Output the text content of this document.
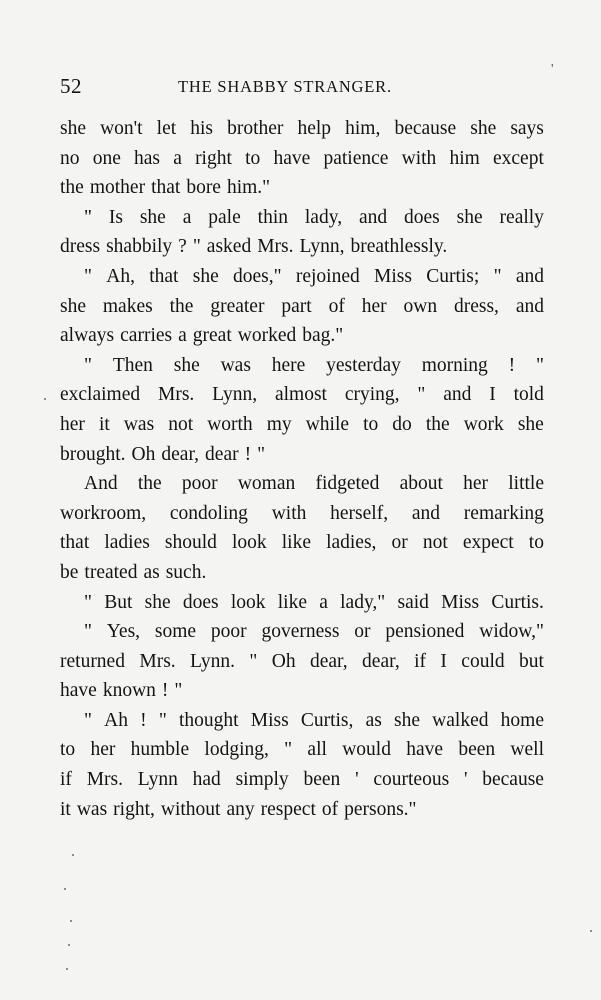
52	THE SHABBY STRANGER.
'
she won't let his brother help him, because she says
no one has a right to have patience with him except
the mother that bore him."
" Is she a pale thin lady, and does she really
dress shabbily ? " asked Mrs. Lynn, breathlessly.
" Ah, that she does," rejoined Miss Curtis; " and
she makes the greater part of her own dress, and
always carries a great worked bag."
" Then she was here yesterday morning ! "
exclaimed Mrs. Lynn, almost crying, " and I told
her it was not worth my while to do the work she
brought. Oh dear, dear ! "
And the poor woman fidgeted about her little
workroom, condoling with herself, and remarking
that ladies should look like ladies, or not expect to
be treated as such.
" But she does look like a lady," said Miss Curtis.
" Yes, some poor governess or pensioned widow,"
returned Mrs. Lynn. " Oh dear, dear, if I could but
have known ! "
" Ah ! " thought Miss Curtis, as she walked home
to her humble lodging, " all would have been well
if Mrs. Lynn had simply been ' courteous ' because
it was right, without any respect of persons."
